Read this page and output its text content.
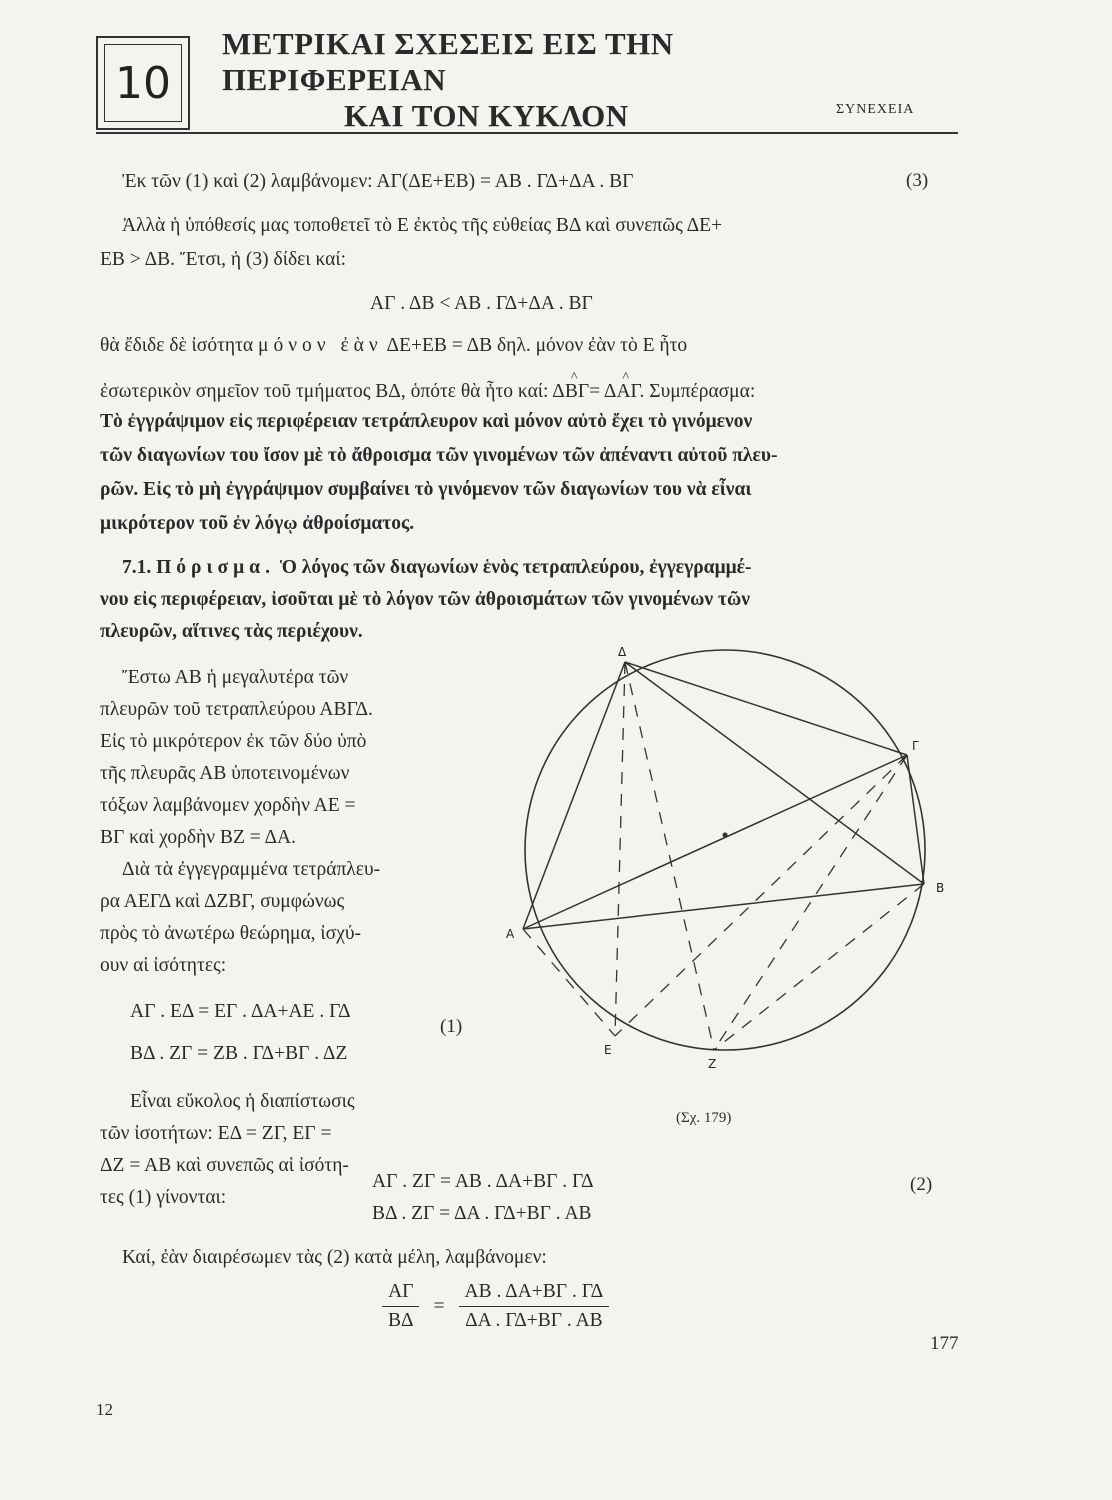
10
ΜΕΤΡΙΚΑΙ ΣΧΕΣΕΙΣ ΕΙΣ ΤΗΝ ΠΕΡΙΦΕΡΕΙΑΝ
ΚΑΙ ΤΟΝ ΚΥΚΛΟΝ	ΣΥΝΕΧΕΙΑ
Ἐκ τῶν (1) καὶ (2) λαμβάνομεν: ΑΓ(ΔΕ+ΕΒ) = ΑΒ . ΓΔ+ΔΑ . ΒΓ	(3)
Ἀλλὰ ἡ ὑπόθεσίς μας τοποθετεῖ τὸ Ε ἐκτὸς τῆς εὐθείας ΒΔ καὶ συνεπῶς ΔΕ+
ΕΒ > ΔΒ. Ἔτσι, ἡ (3) δίδει καί:
ΑΓ . ΔΒ < ΑΒ . ΓΔ+ΔΑ . ΒΓ
θὰ ἔδιδε δὲ ἰσότητα μόνον ἐὰν ΔΕ+ΕΒ = ΔΒ δηλ. μόνον ἐὰν τὸ Ε ἦτο
ἐσωτερικὸν σημεῖον τοῦ τμήματος ΒΔ, ὁπότε θὰ ἦτο καί: Δ^ ΒΓ= Δ^ ΑΓ. Συμπέρασμα:
Τὸ ἐγγράψιμον εἰς περιφέρειαν τετράπλευρον καὶ μόνον αὐτὸ ἔχει τὸ γινόμενον
τῶν διαγωνίων του ἴσον μὲ τὸ ἄθροισμα τῶν γινομένων τῶν ἀπέναντι αὐτοῦ πλευ-
ρῶν. Εἰς τὸ μὴ ἐγγράψιμον συμβαίνει τὸ γινόμενον τῶν διαγωνίων του νὰ εἶναι
μικρότερον τοῦ ἐν λόγῳ ἀθροίσματος.
7.1. Πόρισμα. Ὁ λόγος τῶν διαγωνίων ἑνὸς τετραπλεύρου, ἐγγεγραμμέ-
νου εἰς περιφέρειαν, ἰσοῦται μὲ τὸ λόγον τῶν ἀθροισμάτων τῶν γινομένων τῶν
πλευρῶν, αἵτινες τὰς περιέχουν.
Ἔστω ΑΒ ἡ μεγαλυτέρα τῶν
πλευρῶν τοῦ τετραπλεύρου ΑΒΓΔ.
Εἰς τὸ μικρότερον ἐκ τῶν δύο ὑπὸ
τῆς πλευρᾶς ΑΒ ὑποτεινομένων
τόξων λαμβάνομεν χορδὴν ΑΕ =
ΒΓ καὶ χορδὴν ΒΖ = ΔΑ.
Διὰ τὰ ἐγγεγραμμένα τετράπλευ-
ρα ΑΕΓΔ καὶ ΔΖΒΓ, συμφώνως
πρὸς τὸ ἀνωτέρω θεώρημα, ἰσχύ-
ουν αἱ ἰσότητες:
ΑΓ . ΕΔ = ΕΓ . ΔΑ+ΑΕ . ΓΔ
(1)
ΒΔ . ΖΓ = ΖΒ . ΓΔ+ΒΓ . ΔΖ
Εἶναι εὔκολος ἡ διαπίστωσις
τῶν ἰσοτήτων: ΕΔ = ΖΓ, ΕΓ =
ΔΖ = ΑΒ καὶ συνεπῶς αἱ ἰσότη-
τες (1) γίνονται:
ΑΓ . ΖΓ = ΑΒ . ΔΑ+ΒΓ . ΓΔ	(2)
ΒΔ . ΖΓ = ΔΑ . ΓΔ+ΒΓ . ΑΒ
Καί, ἐὰν διαιρέσωμεν τὰς (2) κατὰ μέλη, λαμβάνομεν:
$\frac{A\Gamma}{B\Delta} = \frac{AB . \Delta A+B\Gamma . \Gamma\Delta}{\Delta A . \Gamma\Delta+B\Gamma . AB}$
Δ
Γ
Β
Α
Ε
Ζ
(Σχ. 179)
177
12
